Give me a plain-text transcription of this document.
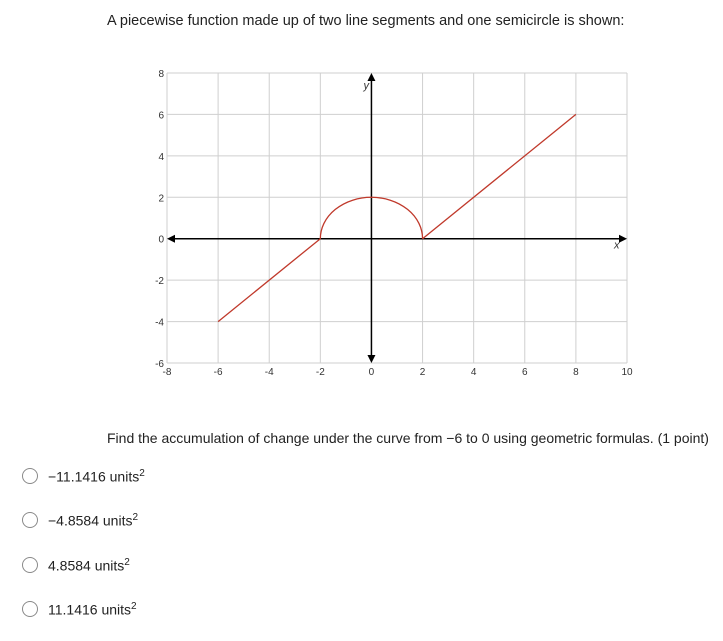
A piecewise function made up of two line segments and one semicircle is shown:
-8	-6	-4	-2	0	2	4	6	8	10
8
6
4
2
0
-2
-4
-6
x
y
Find the accumulation of change under the curve from −6 to 0 using geometric formulas. (1 point)
−11.1416 units$^2$
−4.8584 units$^2$
4.8584 units$^2$
11.1416 units$^2$
